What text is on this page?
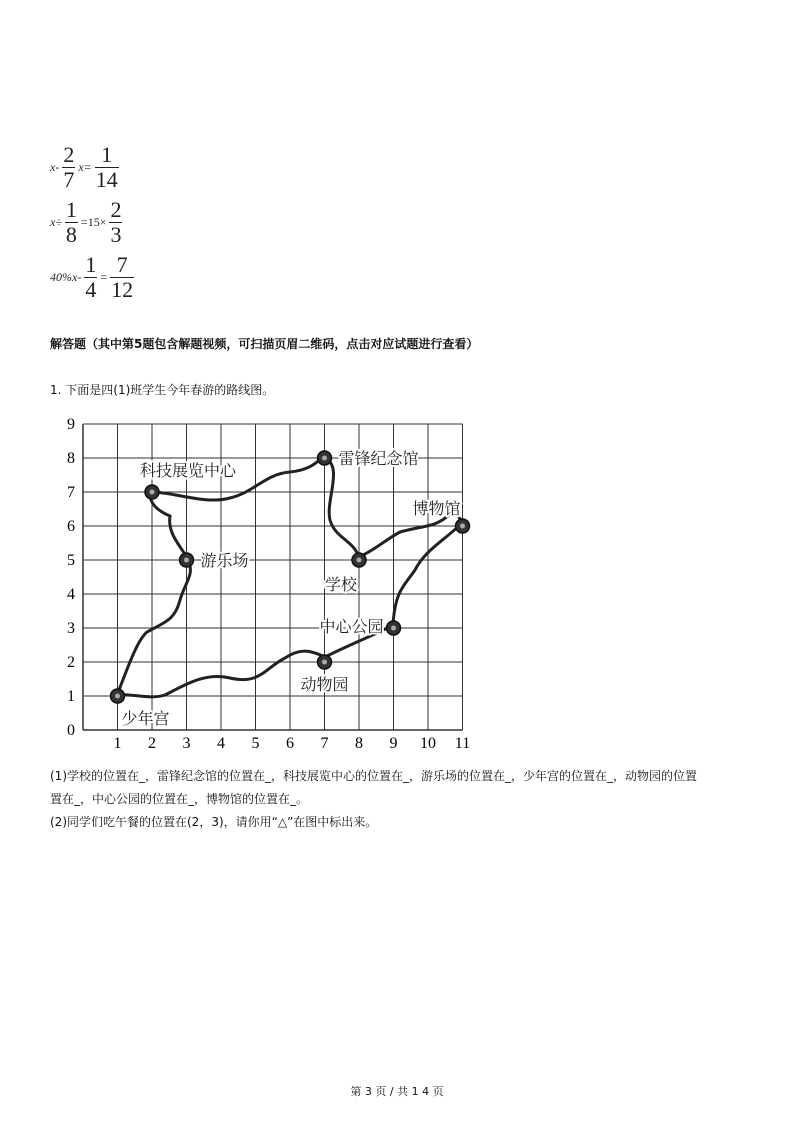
$x- \frac{2}{7} x= \frac{1}{14}$
$x\div \frac{1}{8} =15\times \frac{2}{3}$
$40\%x- \frac{1}{4} = \frac{7}{12}$
解答题（其中第5题包含解题视频，可扫描页眉二维码，点击对应试题进行查看）
1. 下面是四(1)班学生今年春游的路线图。
1 2 3 4 5 6 7 8 9 10 11
0
1
2
3
4
5
6
7
8
9
少年宫
游乐场
科技展览中心
雷锋纪念馆
学校
博物馆
中心公园
动物园
(1)学校的位置在_，雷锋纪念馆的位置在_，科技展览中心的位置在_，游乐场的位置在_，少年宫的位置在_，动物园的位置
置在_，中心公园的位置在_，博物馆的位置在_。
(2)同学们吃午餐的位置在(2，3)，请你用“△”在图中标出来。
第 3 页 / 共 1 4 页
